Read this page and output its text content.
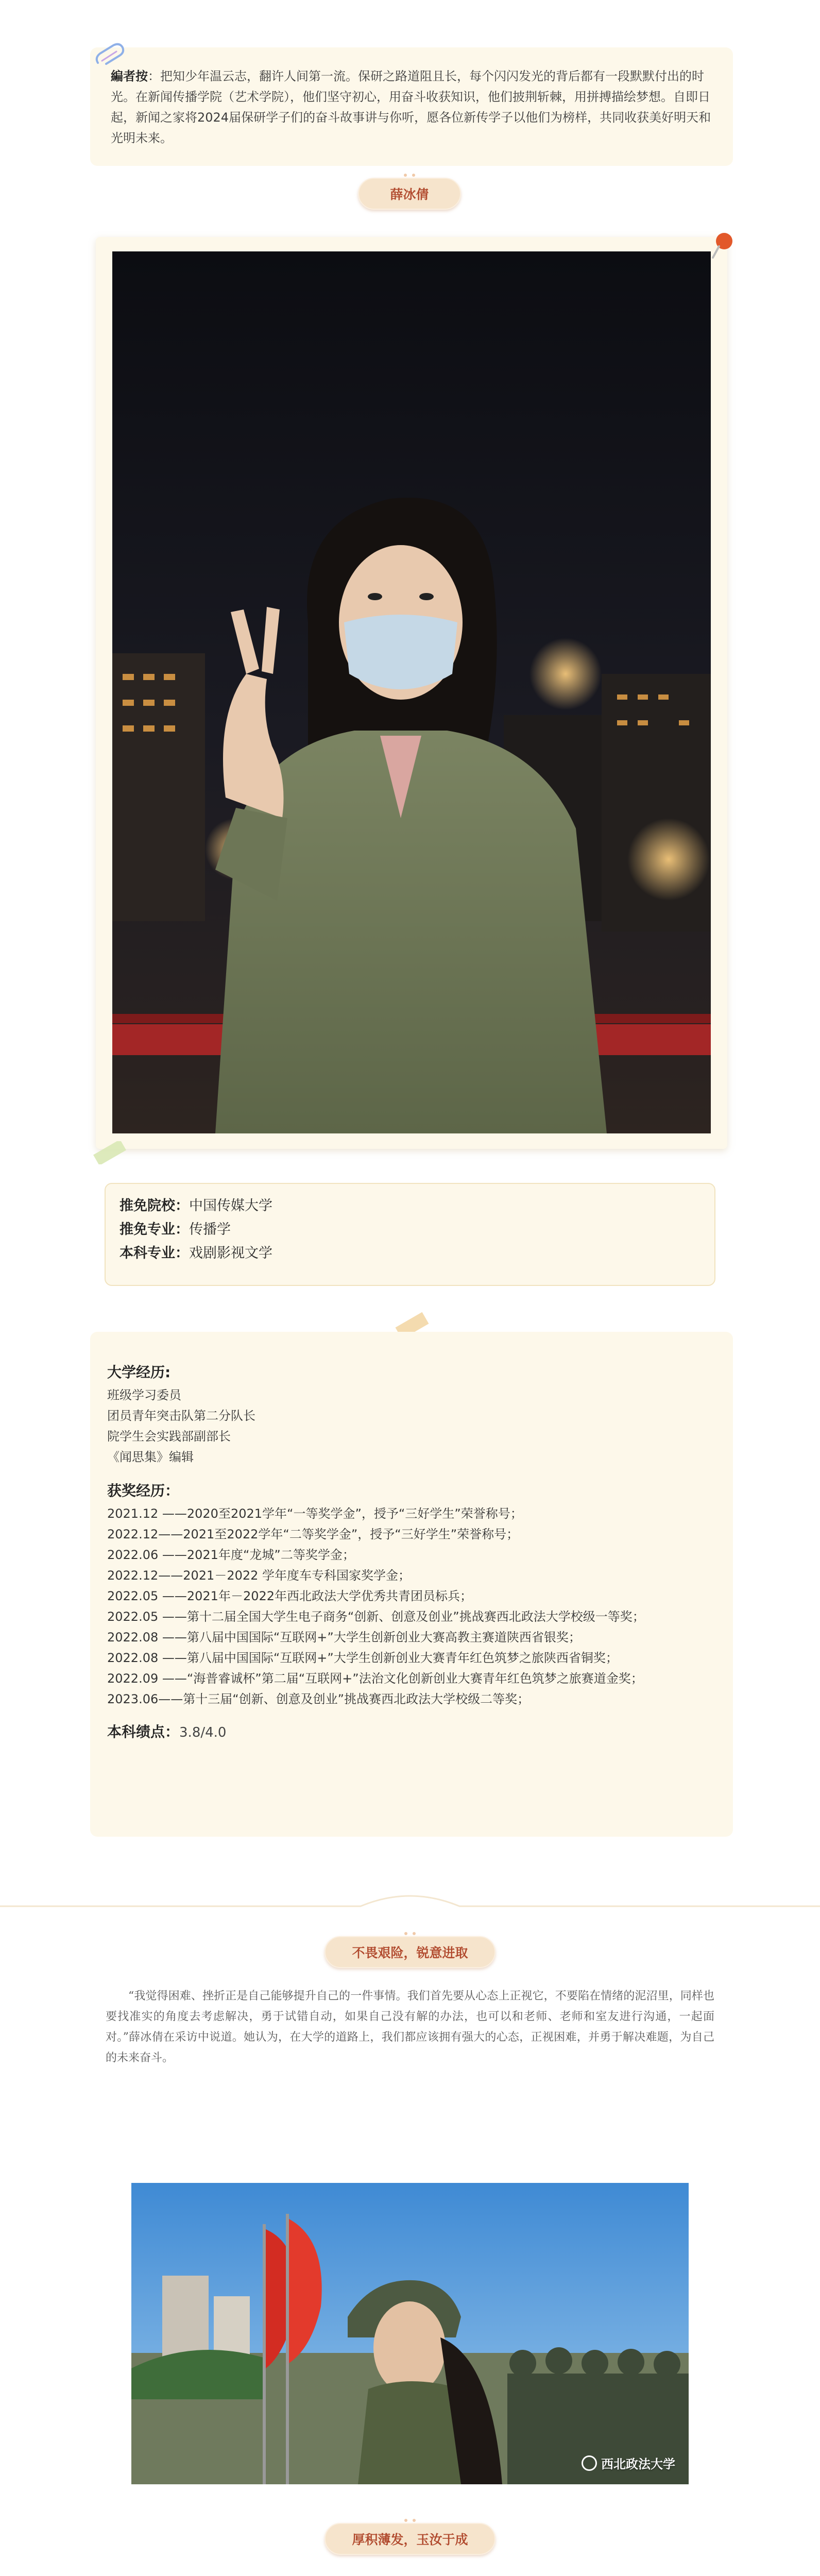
編者按：把知少年温云志，翻许人间第一流。保研之路道阻且长，每个闪闪发光的背后都有一段默默付出的时光。在新闻传播学院（艺术学院），他们坚守初心，用奋斗收获知识，他们披荆斩棘，用拼搏描绘梦想。自即日起，新闻之家将2024届保研学子们的奋斗故事讲与你听，愿各位新传学子以他们为榜样，共同收获美好明天和光明未来。
薛冰倩
推免院校：中国传媒大学
推免专业：传播学
本科专业：戏剧影视文学
大学经历:
班级学习委员
团员青年突击队第二分队长
院学生会实践部副部长
《闻思集》编辑
获奖经历：
2021.12 ——2020至2021学年“一等奖学金”，授予“三好学生”荣誉称号；
2022.12——2021至2022学年“二等奖学金”，授予“三好学生”荣誉称号；
2022.06 ——2021年度“龙城”二等奖学金；
2022.12——2021－2022 学年度车专科国家奖学金；
2022.05 ——2021年－2022年西北政法大学优秀共青团员标兵；
2022.05 ——第十二届全国大学生电子商务“创新、创意及创业”挑战赛西北政法大学校级一等奖；
2022.08 ——第八届中国国际“互联网+”大学生创新创业大赛高教主赛道陕西省银奖；
2022.08 ——第八届中国国际“互联网+”大学生创新创业大赛青年红色筑梦之旅陕西省铜奖；
2022.09 ——“海普睿诚杯”第二届“互联网+”法治文化创新创业大赛青年红色筑梦之旅赛道金奖；
2023.06——第十三届“创新、创意及创业”挑战赛西北政法大学校级二等奖；
本科绩点：3.8/4.0
不畏艰险，锐意进取
“我觉得困难、挫折正是自己能够提升自己的一件事情。我们首先要从心态上正视它，不要陷在情绪的泥沼里，同样也要找准实的角度去考虑解决，勇于试错自动，如果自己没有解的办法，也可以和老师、老师和室友进行沟通，一起面对。”薛冰倩在采访中说道。她认为，在大学的道路上，我们都应该拥有强大的心态，正视困难，并勇于解决难题，为自己的未来奋斗。
西北政法大学
厚积薄发，玉汝于成
